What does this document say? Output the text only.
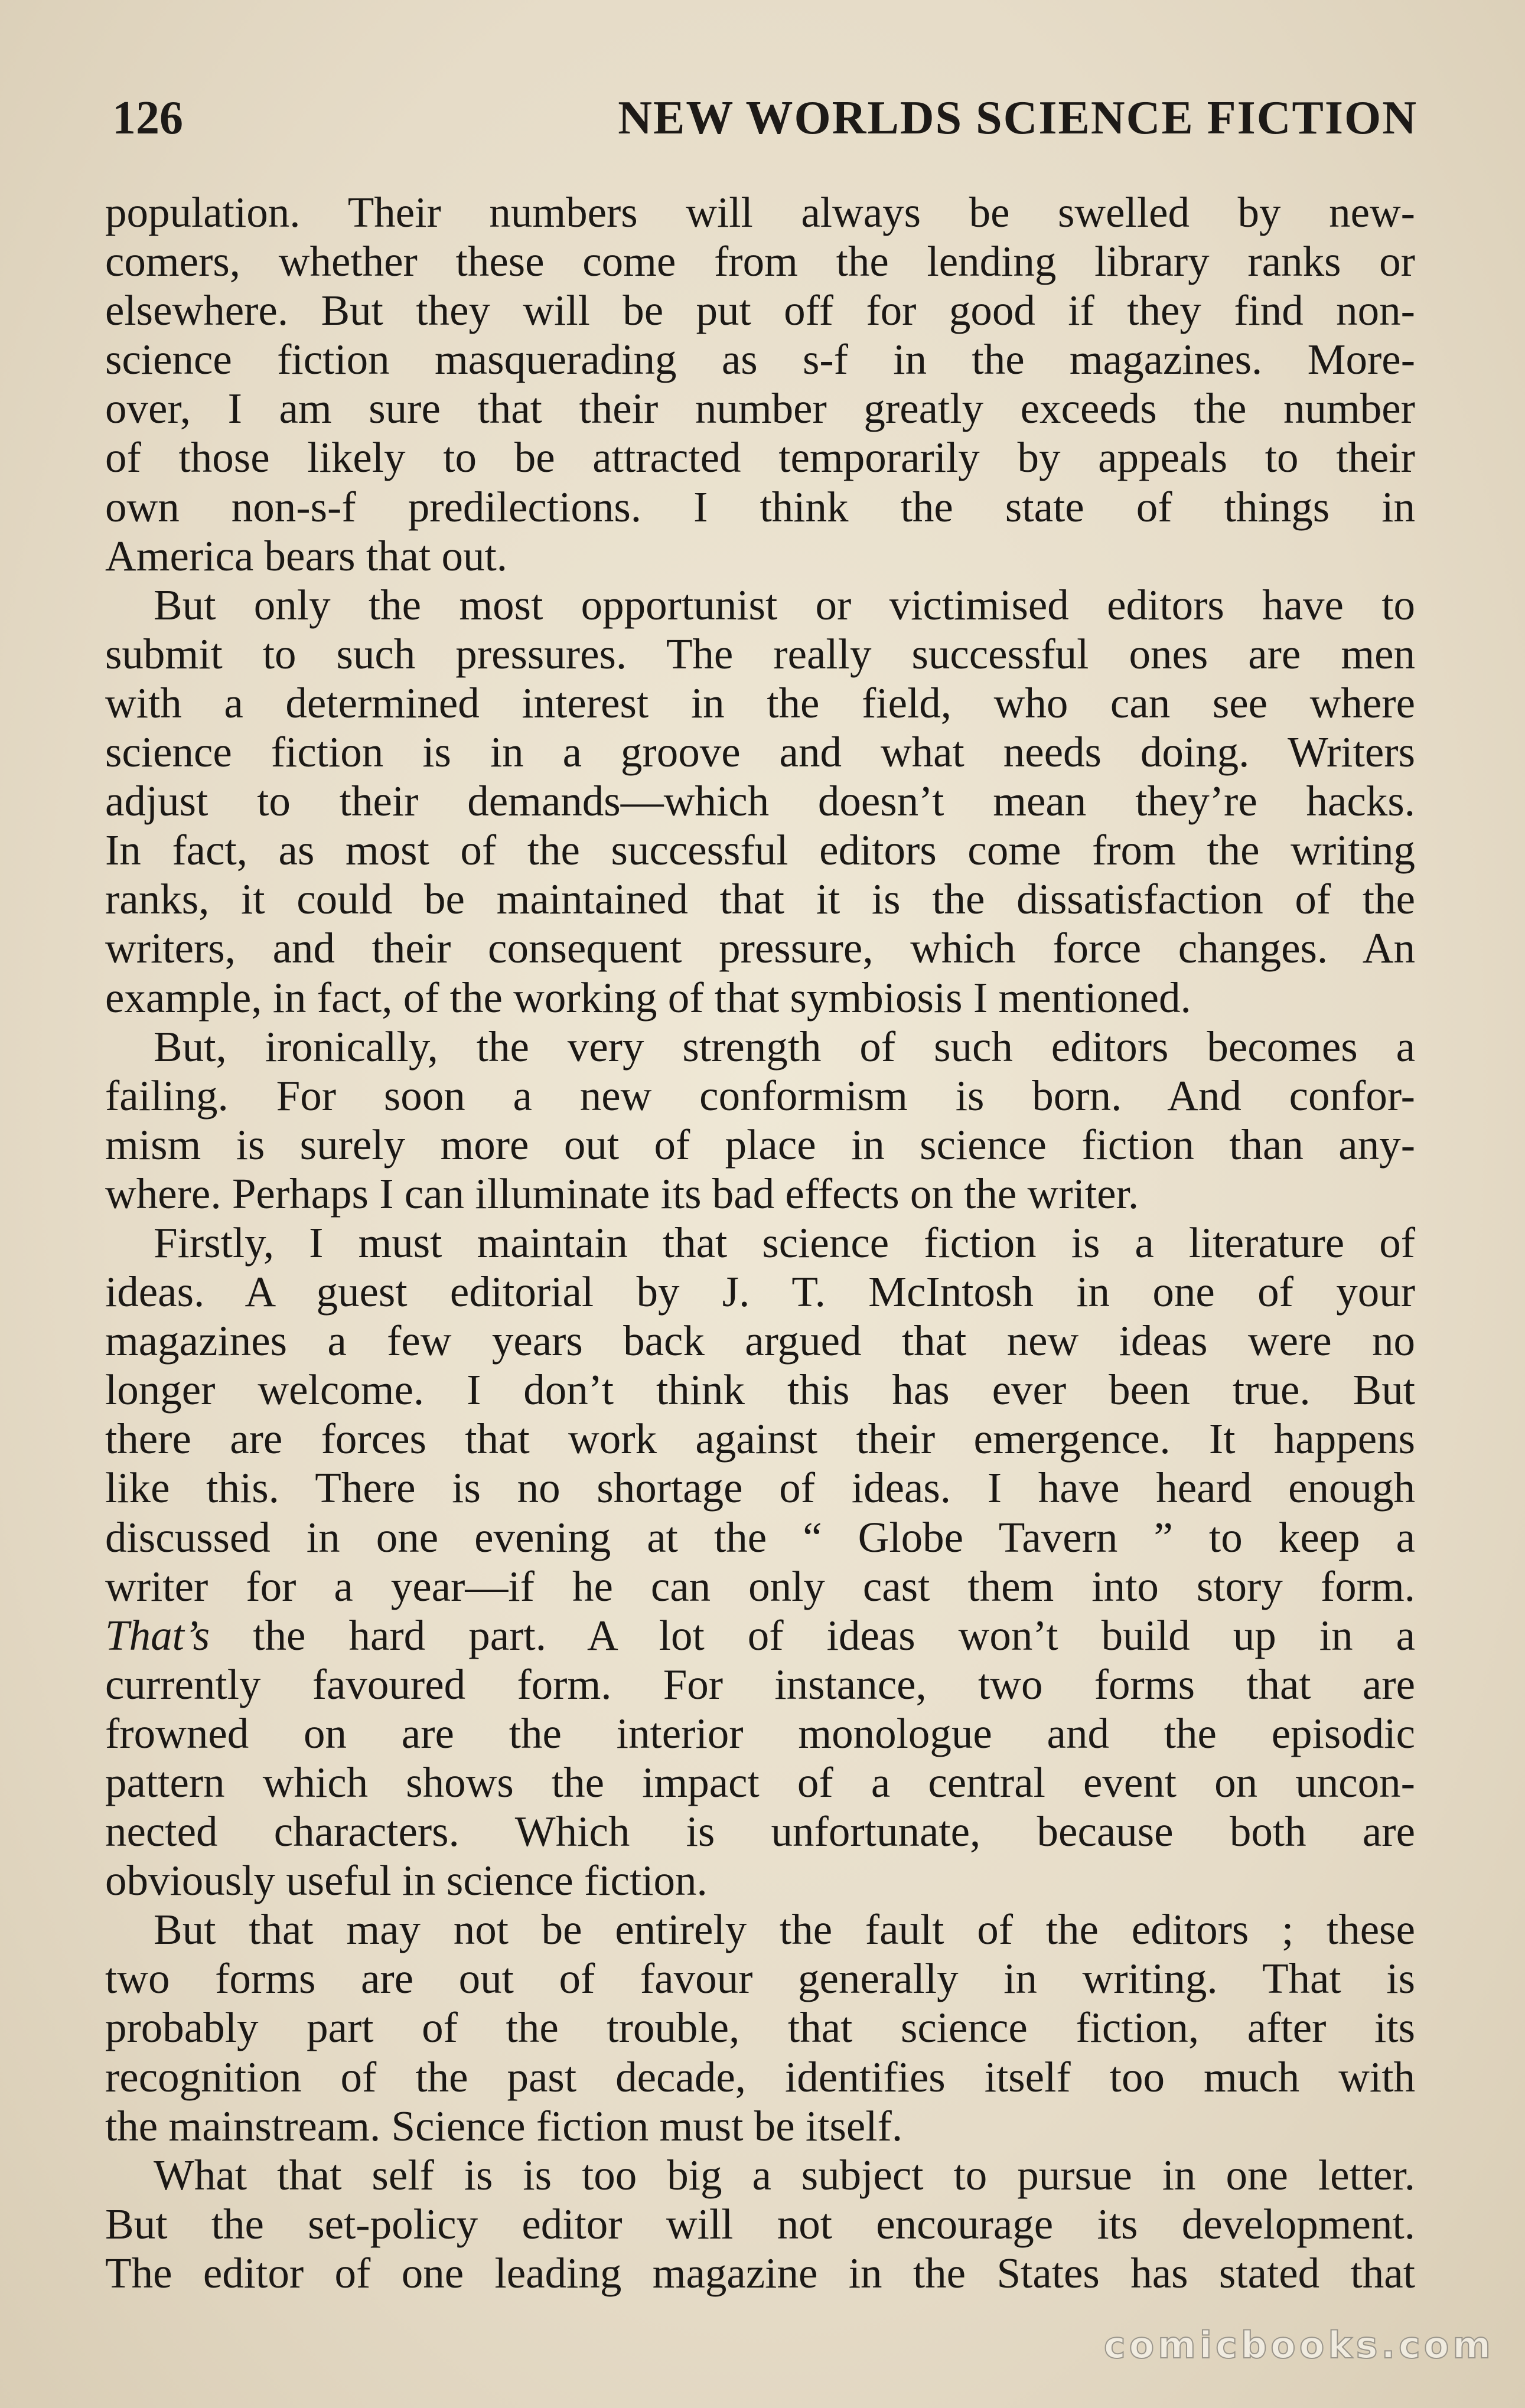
126	NEW WORLDS SCIENCE FICTION
population. Their numbers will always be swelled by new-
comers, whether these come from the lending library ranks or
elsewhere. But they will be put off for good if they find non-
science fiction masquerading as s-f in the magazines. More-
over, I am sure that their number greatly exceeds the number
of those likely to be attracted temporarily by appeals to their
own non-s-f predilections. I think the state of things in
America bears that out.
But only the most opportunist or victimised editors have to
submit to such pressures. The really successful ones are men
with a determined interest in the field, who can see where
science fiction is in a groove and what needs doing. Writers
adjust to their demands—which doesn’t mean they’re hacks.
In fact, as most of the successful editors come from the writing
ranks, it could be maintained that it is the dissatisfaction of the
writers, and their consequent pressure, which force changes. An
example, in fact, of the working of that symbiosis I mentioned.
But, ironically, the very strength of such editors becomes a
failing. For soon a new conformism is born. And confor-
mism is surely more out of place in science fiction than any-
where. Perhaps I can illuminate its bad effects on the writer.
Firstly, I must maintain that science fiction is a literature of
ideas. A guest editorial by J. T. McIntosh in one of your
magazines a few years back argued that new ideas were no
longer welcome. I don’t think this has ever been true. But
there are forces that work against their emergence. It happens
like this. There is no shortage of ideas. I have heard enough
discussed in one evening at the “ Globe Tavern ” to keep a
writer for a year—if he can only cast them into story form.
That’s the hard part. A lot of ideas won’t build up in a
currently favoured form. For instance, two forms that are
frowned on are the interior monologue and the episodic
pattern which shows the impact of a central event on uncon-
nected characters. Which is unfortunate, because both are
obviously useful in science fiction.
But that may not be entirely the fault of the editors ; these
two forms are out of favour generally in writing. That is
probably part of the trouble, that science fiction, after its
recognition of the past decade, identifies itself too much with
the mainstream. Science fiction must be itself.
What that self is is too big a subject to pursue in one letter.
But the set-policy editor will not encourage its development.
The editor of one leading magazine in the States has stated that
comicbooks.com
